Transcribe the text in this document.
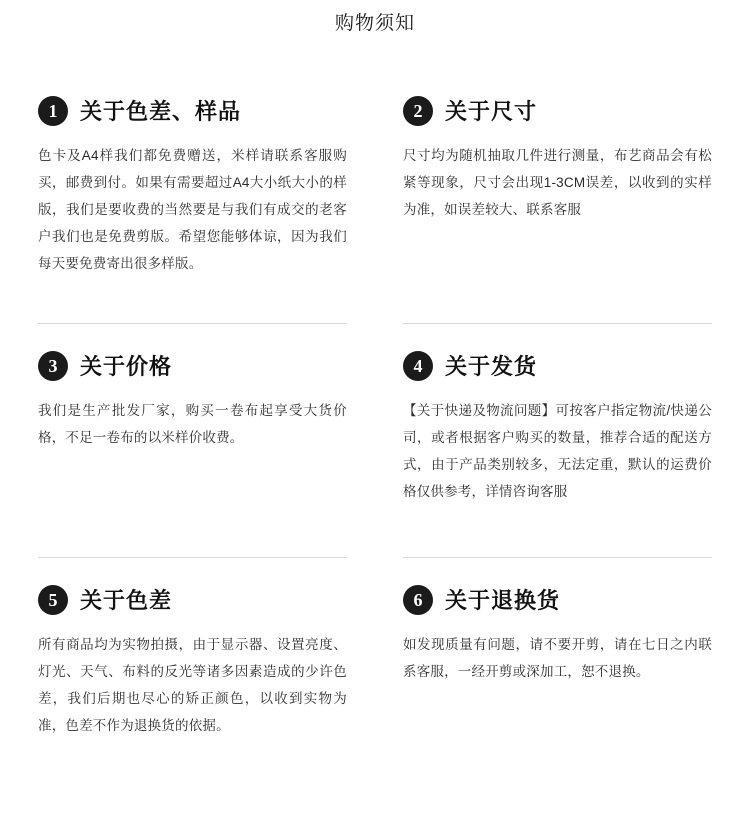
购物须知
1	关于色差、样品
色卡及A4样我们都免费赠送，米样请联系客服购买，邮费到付。如果有需要超过A4大小纸大小的样版，我们是要收费的当然要是与我们有成交的老客户我们也是免费剪版。希望您能够体谅，因为我们每天要免费寄出很多样版。
2	关于尺寸
尺寸均为随机抽取几件进行测量，布艺商品会有松紧等现象，尺寸会出现1-3CM误差，以收到的实样为准，如误差较大、联系客服
3	关于价格
我们是生产批发厂家，购买一卷布起享受大货价格，不足一卷布的以米样价收费。
4	关于发货
【关于快递及物流问题】可按客户指定物流/快递公司，或者根据客户购买的数量，推荐合适的配送方式，由于产品类别较多，无法定重，默认的运费价格仅供参考，详情咨询客服
5	关于色差
所有商品均为实物拍摄，由于显示器、设置亮度、灯光、天气、布料的反光等诸多因素造成的少许色差，我们后期也尽心的矫正颜色，以收到实物为准，色差不作为退换货的依据。
6	关于退换货
如发现质量有问题，请不要开剪，请在七日之内联系客服，一经开剪或深加工，恕不退换。
